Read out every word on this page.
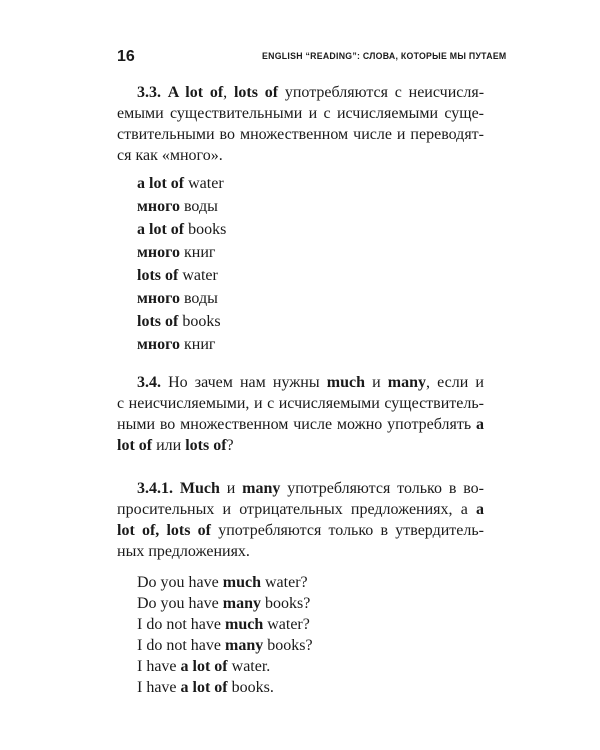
16	ENGLISH “READING”: СЛОВА, КОТОРЫЕ МЫ ПУТАЕМ

3.3. A lot of, lots of употребляются с неисчисля-
емыми существительными и с исчисляемыми суще-
ствительными во множественном числе и переводят-
ся как «много».

a lot of water
много воды
a lot of books
много книг
lots of water
много воды
lots of books
много книг

3.4. Но зачем нам нужны much и many, если и
с неисчисляемыми, и с исчисляемыми существитель-
ными во множественном числе можно употреблять a
lot of или lots of?

3.4.1. Much и many употребляются только в во-
просительных и отрицательных предложениях, а a
lot of, lots of употребляются только в утвердитель-
ных предложениях.

Do you have much water?
Do you have many books?
I do not have much water?
I do not have many books?
I have a lot of water.
I have a lot of books.
